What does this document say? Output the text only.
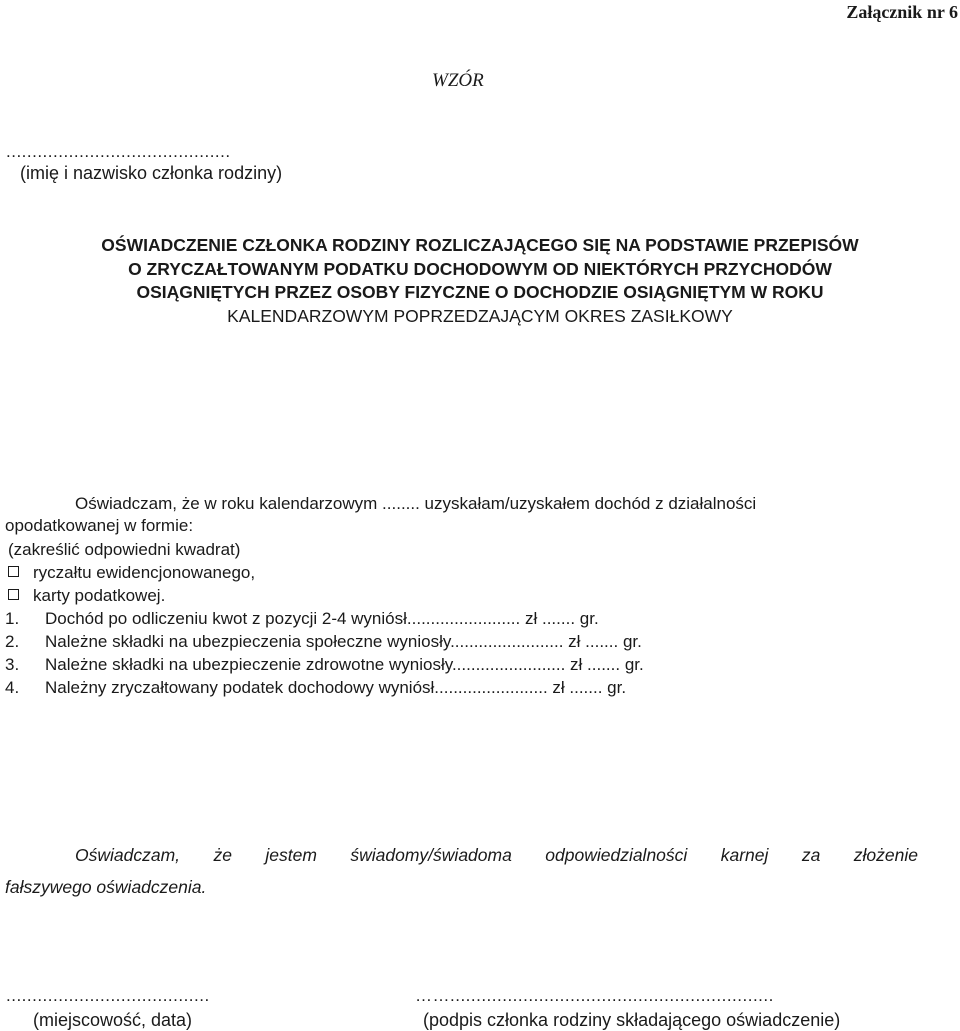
Załącznik nr 6
WZÓR
...........................................
(imię i nazwisko członka rodziny)
OŚWIADCZENIE CZŁONKA RODZINY ROZLICZAJĄCEGO SIĘ NA PODSTAWIE PRZEPISÓW
O ZRYCZAŁTOWANYM PODATKU DOCHODOWYM OD NIEKTÓRYCH PRZYCHODÓW
OSIĄGNIĘTYCH PRZEZ OSOBY FIZYCZNE O DOCHODZIE OSIĄGNIĘTYM W ROKU
KALENDARZOWYM POPRZEDZAJĄCYM OKRES ZASIŁKOWY
Oświadczam, że w roku kalendarzowym ........ uzyskałam/uzyskałem dochód z działalności
opodatkowanej w formie:
(zakreślić odpowiedni kwadrat)
ryczałtu ewidencjonowanego,
karty podatkowej.
1. Dochód po odliczeniu kwot z pozycji 2-4 wyniósł........................ zł ....... gr.
2. Należne składki na ubezpieczenia społeczne wyniosły........................ zł ....... gr.
3. Należne składki na ubezpieczenie zdrowotne wyniosły........................ zł ....... gr.
4. Należny zryczałtowany podatek dochodowy wyniósł........................ zł ....... gr.
Oświadczam, że jestem świadomy/świadoma odpowiedzialności karnej za złożenie
fałszywego oświadczenia.
.......................................	……..............................................................
(miejscowość, data)	(podpis członka rodziny składającego oświadczenie)
